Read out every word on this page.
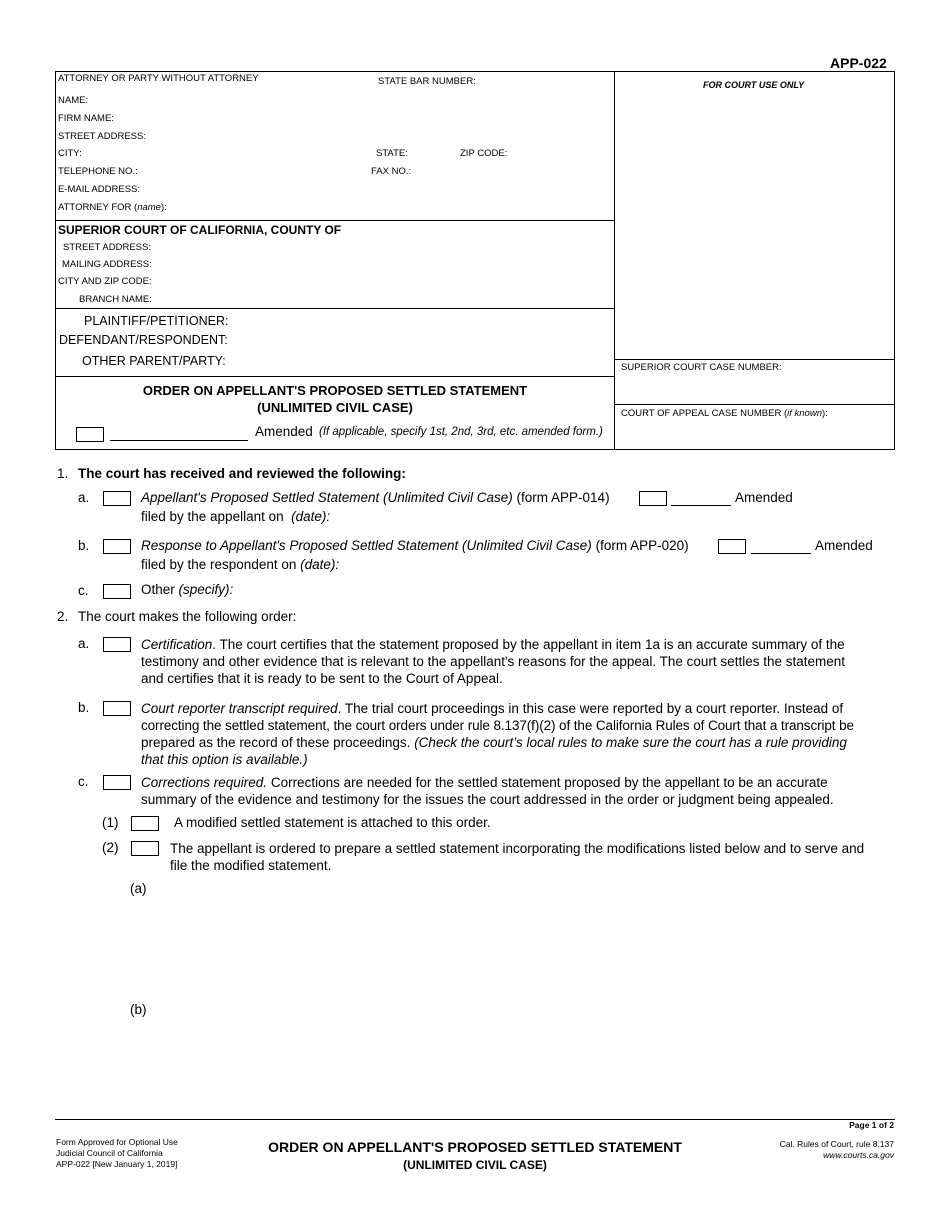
APP-022
ATTORNEY OR PARTY WITHOUT ATTORNEY	STATE BAR NUMBER:
NAME:
FIRM NAME:
STREET ADDRESS:
CITY:	STATE:	ZIP CODE:
TELEPHONE NO.:	FAX NO.:
E-MAIL ADDRESS:
ATTORNEY FOR (name):
SUPERIOR COURT OF CALIFORNIA, COUNTY OF
STREET ADDRESS:
MAILING ADDRESS:
CITY AND ZIP CODE:
BRANCH NAME:
PLAINTIFF/PETITIONER:
DEFENDANT/RESPONDENT:
OTHER PARENT/PARTY:
FOR COURT USE ONLY
SUPERIOR COURT CASE NUMBER:
COURT OF APPEAL CASE NUMBER (if known):
ORDER ON APPELLANT'S PROPOSED SETTLED STATEMENT
(UNLIMITED CIVIL CASE)
Amended (If applicable, specify 1st, 2nd, 3rd, etc. amended form.)
1. The court has received and reviewed the following:
a.	Appellant's Proposed Settled Statement (Unlimited Civil Case) (form APP-014)	Amended
filed by the appellant on (date):
b.	Response to Appellant's Proposed Settled Statement (Unlimited Civil Case) (form APP-020)	Amended
filed by the respondent on (date):
c.	Other (specify):
2. The court makes the following order:
a.	Certification. The court certifies that the statement proposed by the appellant in item 1a is an accurate summary of the
testimony and other evidence that is relevant to the appellant's reasons for the appeal. The court settles the statement
and certifies that it is ready to be sent to the Court of Appeal.
b.	Court reporter transcript required. The trial court proceedings in this case were reported by a court reporter. Instead of
correcting the settled statement, the court orders under rule 8.137(f)(2) of the California Rules of Court that a transcript be
prepared as the record of these proceedings. (Check the court’s local rules to make sure the court has a rule providing
that this option is available.)
c.	Corrections required. Corrections are needed for the settled statement proposed by the appellant to be an accurate
summary of the evidence and testimony for the issues the court addressed in the order or judgment being appealed.
(1)	A modified settled statement is attached to this order.
(2)	The appellant is ordered to prepare a settled statement incorporating the modifications listed below and to serve and
file the modified statement.
(a)
(b)
Page 1 of 2
Form Approved for Optional Use
Judicial Council of California
APP-022 [New January 1, 2019]
ORDER ON APPELLANT'S PROPOSED SETTLED STATEMENT
(UNLIMITED CIVIL CASE)
Cal. Rules of Court, rule 8.137
www.courts.ca.gov
